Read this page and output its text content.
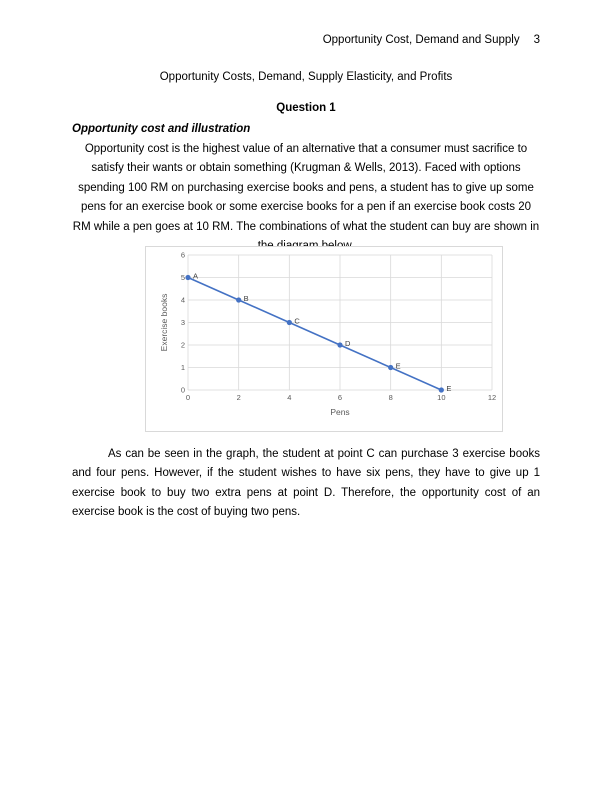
Opportunity Cost, Demand and Supply 3
Opportunity Costs, Demand, Supply Elasticity, and Profits
Question 1
Opportunity cost and illustration
Opportunity cost is the highest value of an alternative that a consumer must sacrifice to satisfy their wants or obtain something (Krugman & Wells, 2013). Faced with options spending 100 RM on purchasing exercise books and pens, a student has to give up some pens for an exercise book or some exercise books for a pen if an exercise book costs 20 RM while a pen goes at 10 RM. The combinations of what the student can buy are shown in
0	2	4	6	8	10	12
0
1
2
3
4
5
6
A
B
C
D
E
E
Pens
Exercise books
As can be seen in the graph, the student at point C can purchase 3 exercise books and four pens. However, if the student wishes to have six pens, they have to give up 1 exercise book to buy two extra pens at point D. Therefore, the opportunity cost of an exercise book is the cost of buying two pens.
